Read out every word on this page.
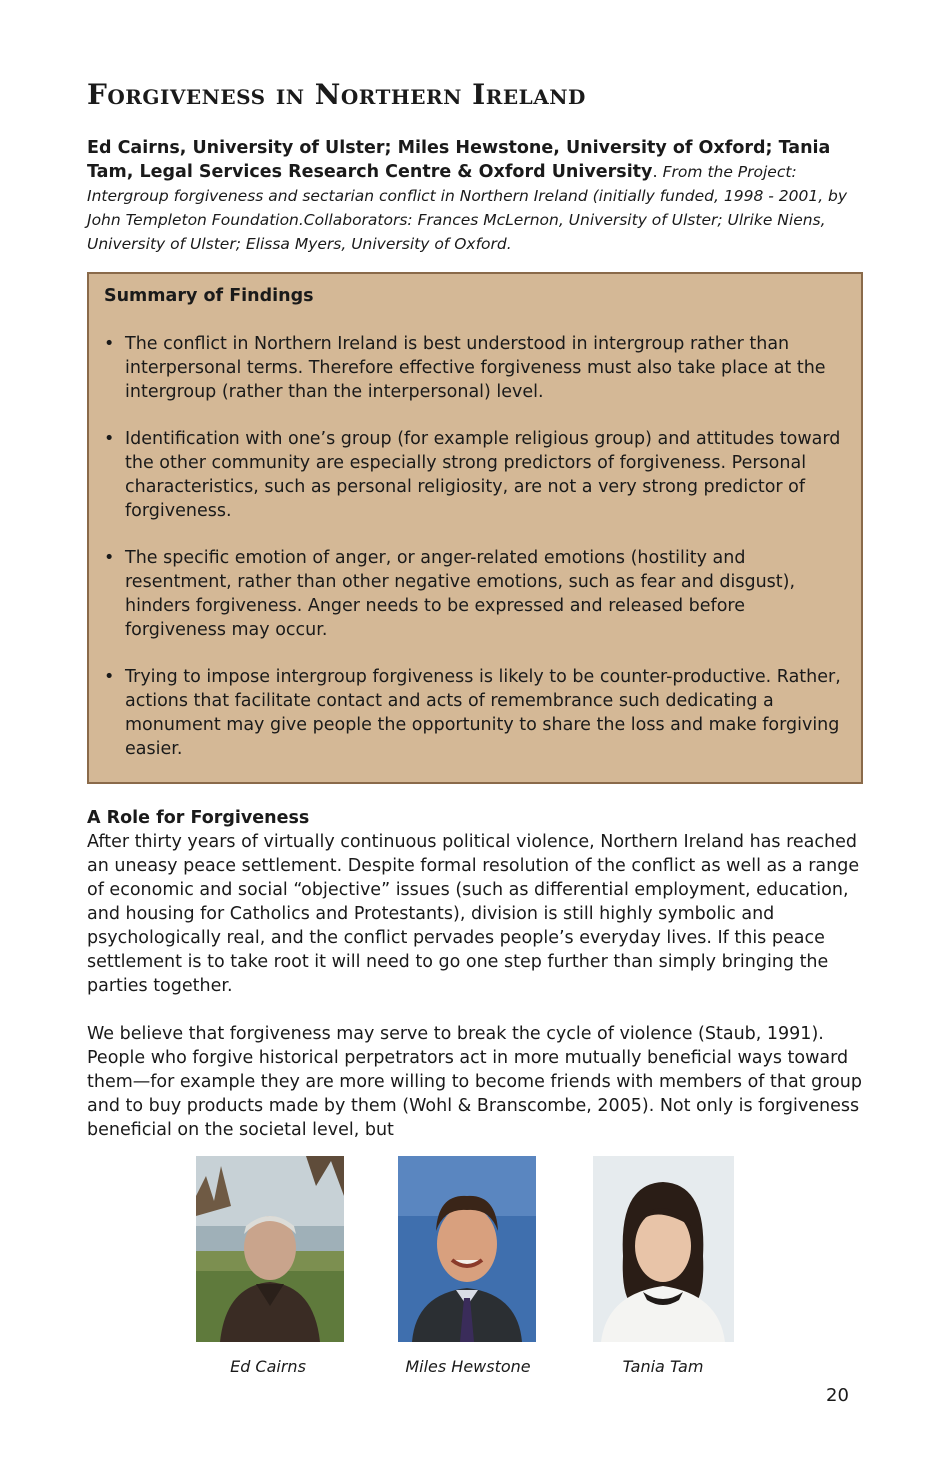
Forgiveness in Northern Ireland
Ed Cairns, University of Ulster; Miles Hewstone, University of Oxford; Tania Tam, Legal Services Research Centre & Oxford University. From the Project: Intergroup forgiveness and sectarian conflict in Northern Ireland (initially funded, 1998 - 2001, by John Templeton Foundation.Collaborators: Frances McLernon, University of Ulster; Ulrike Niens, University of Ulster; Elissa Myers, University of Oxford.
Summary of Findings
• The conflict in Northern Ireland is best understood in intergroup rather than interpersonal terms. Therefore effective forgiveness must also take place at the intergroup (rather than the interpersonal) level.
• Identification with one’s group (for example religious group) and attitudes toward the other community are especially strong predictors of forgiveness. Personal characteristics, such as personal religiosity, are not a very strong predictor of forgiveness.
• The specific emotion of anger, or anger-related emotions (hostility and resentment, rather than other negative emotions, such as fear and disgust), hinders forgiveness. Anger needs to be expressed and released before forgiveness may occur.
• Trying to impose intergroup forgiveness is likely to be counter-productive. Rather, actions that facilitate contact and acts of remembrance such dedicating a monument may give people the opportunity to share the loss and make forgiving easier.
A Role for Forgiveness

After thirty years of virtually continuous political violence, Northern Ireland has reached an uneasy peace settlement. Despite formal resolution of the conflict as well as a range of economic and social “objective” issues (such as differential employment, education, and housing for Catholics and Protestants), division is still highly symbolic and psychologically real, and the conflict pervades people’s everyday lives. If this peace settlement is to take root it will need to go one step further than simply bringing the parties together.

We believe that forgiveness may serve to break the cycle of violence (Staub, 1991). People who forgive historical perpetrators act in more mutually beneficial ways toward them—for example they are more willing to become friends with members of that group and to buy products made by them (Wohl & Branscombe, 2005). Not only is forgiveness beneficial on the societal level, but

Ed Cairns	Miles Hewstone	Tania Tam
20
